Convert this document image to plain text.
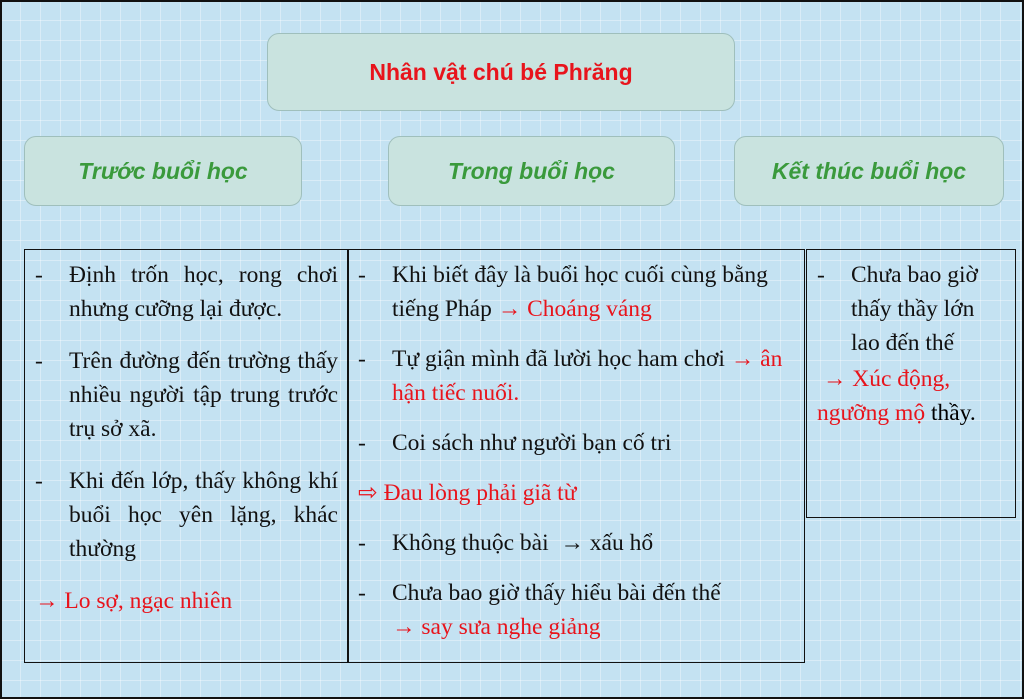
Nhân vật chú bé Phrăng
Trước buổi học	Trong buổi học	Kết thúc buổi học
-	Định trốn học, rong chơi nhưng cưỡng lại được.
-	Trên đường đến trường thấy nhiều người tập trung trước trụ sở xã.
-	Khi đến lớp, thấy không khí buổi học yên lặng, khác thường
→ Lo sợ, ngạc nhiên
-	Khi biết đây là buổi học cuối cùng bằng tiếng Pháp → Choáng váng
-	Tự giận mình đã lười học ham chơi → ân hận tiếc nuối.
-	Coi sách như người bạn cố tri
⇨ Đau lòng phải giã từ
-	Không thuộc bài  → xấu hổ
-	Chưa bao giờ thấy hiểu bài đến thế
→ say sưa nghe giảng
-	Chưa bao giờ thấy thầy lớn lao đến thế
→ Xúc động, ngưỡng mộ thầy.
